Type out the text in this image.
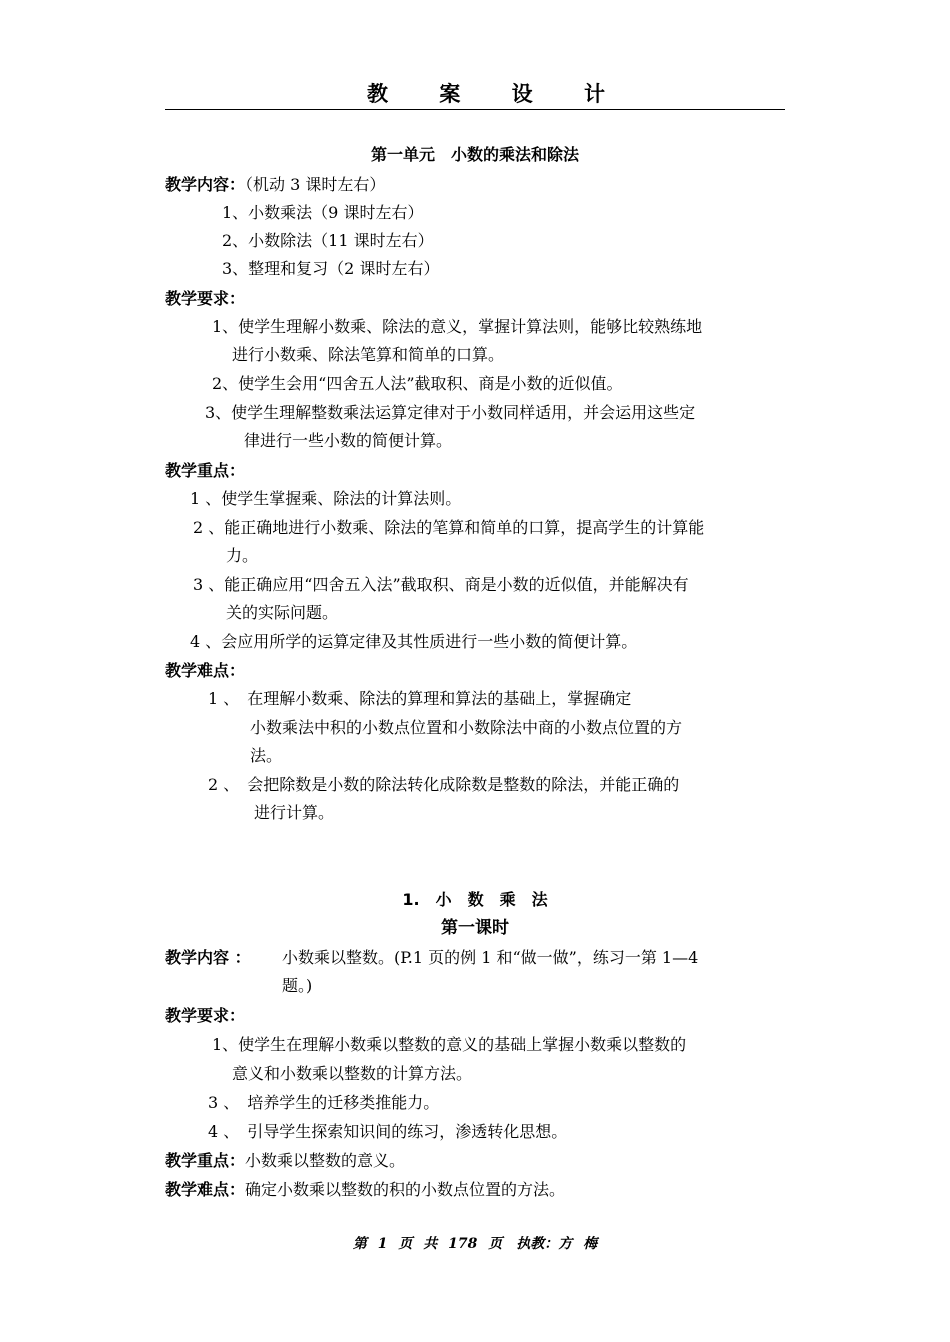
教 案 设 计
第一单元　小数的乘法和除法
教学内容：（机动 3 课时左右）
1、小数乘法（9 课时左右）
2、小数除法（11 课时左右）
3、整理和复习（2 课时左右）
教学要求：
1、使学生理解小数乘、除法的意义，掌握计算法则，能够比较熟练地
进行小数乘、除法笔算和简单的口算。
2、使学生会用“四舍五人法”截取积、商是小数的近似值。
3、使学生理解整数乘法运算定律对于小数同样适用，并会运用这些定
律进行一些小数的简便计算。
教学重点：
1 、使学生掌握乘、除法的计算法则。
2 、能正确地进行小数乘、除法的笔算和简单的口算，提高学生的计算能
力。
3 、能正确应用“四舍五入法”截取积、商是小数的近似值，并能解决有
关的实际问题。
4 、会应用所学的运算定律及其性质进行一些小数的简便计算。
教学难点：
1 、　在理解小数乘、除法的算理和算法的基础上，掌握确定
小数乘法中积的小数点位置和小数除法中商的小数点位置的方
法。
2 、　会把除数是小数的除法转化成除数是整数的除法，并能正确的
进行计算。
1.　小　数　乘　法
第一课时
教学内容 ： 小数乘以整数。(P.1 页的例 1 和“做一做”，练习一第 1—4
题。)
教学要求：
1、使学生在理解小数乘以整数的意义的基础上掌握小数乘以整数的
意义和小数乘以整数的计算方法。
3 、　培养学生的迁移类推能力。
4 、　引导学生探索知识间的练习，渗透转化思想。
教学重点：小数乘以整数的意义。
教学难点：确定小数乘以整数的积的小数点位置的方法。
第 1 页 共 178 页　执教：方 梅
